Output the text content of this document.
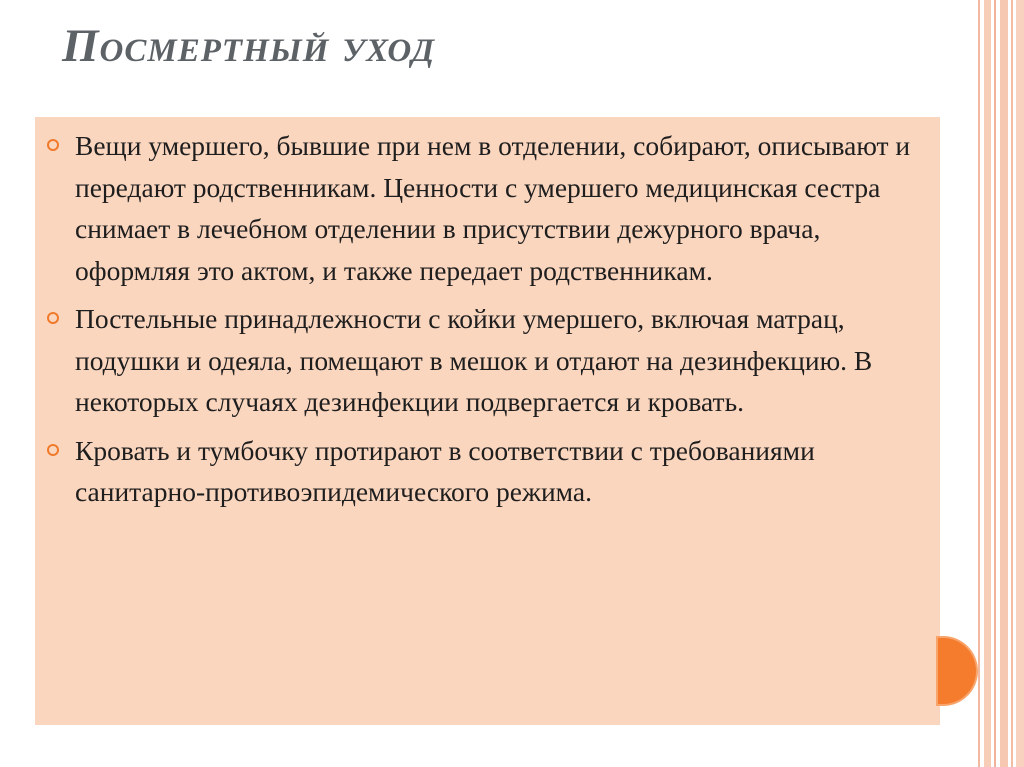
Посмертный уход
Вещи умершего, бывшие при нем в отделении, собирают, описывают и передают родственникам. Ценности с умершего медицинская сестра снимает в лечебном отделении в присутствии дежурного врача, оформляя это актом, и также передает родственникам.
Постельные принадлежности с койки умершего, включая матрац, подушки и одеяла, помещают в мешок и отдают на дезинфекцию. В некоторых случаях дезинфекции подвергается и кровать.
Кровать и тумбочку протирают в соответствии с требованиями санитарно-противоэпидемического режима.
